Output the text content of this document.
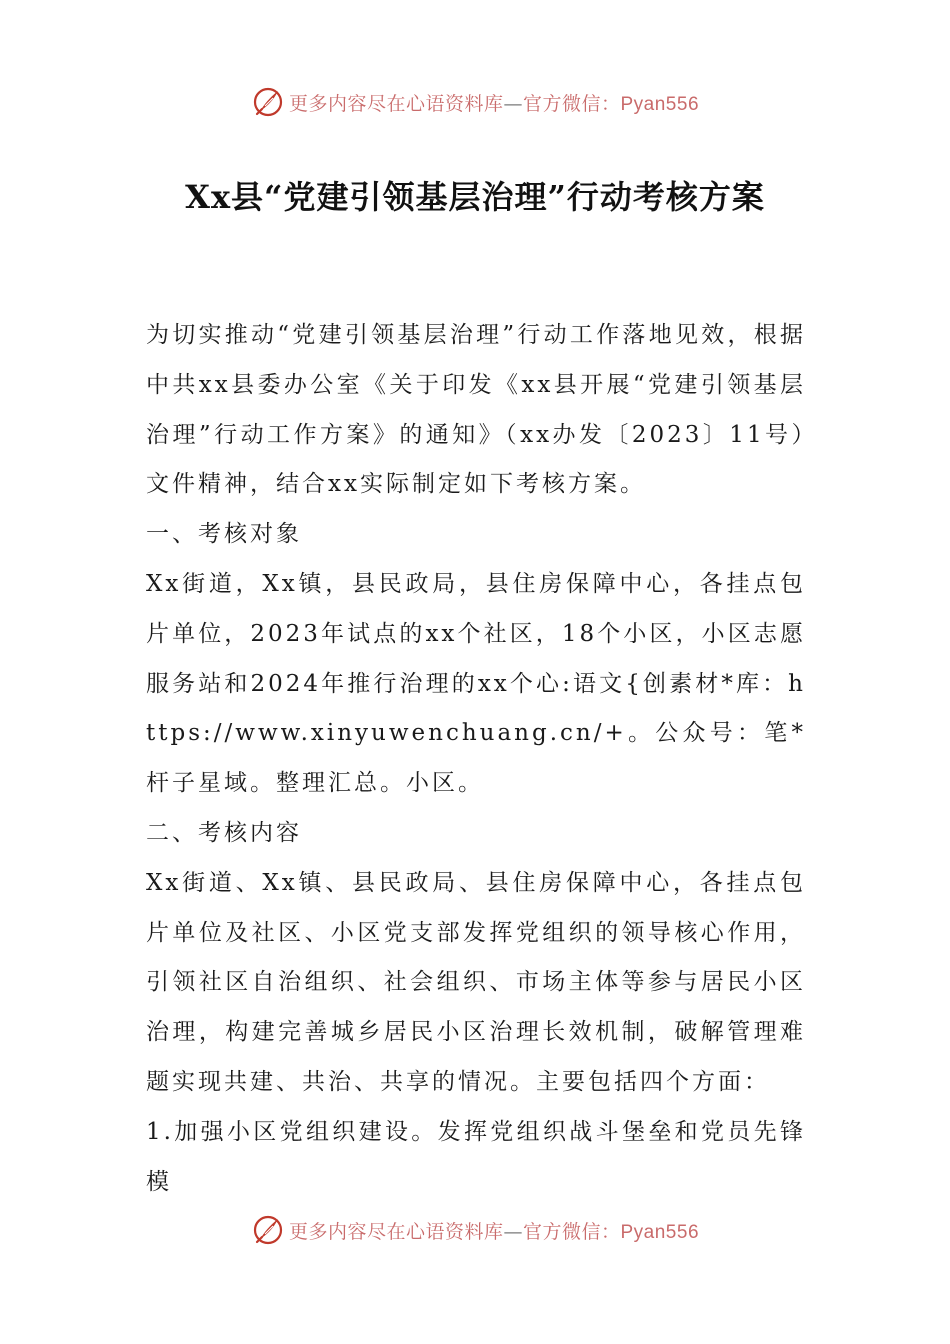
更多内容尽在心语资料库—官方微信：Pyan556
Xx县“党建引领基层治理”行动考核方案

为切实推动“党建引领基层治理”行动工作落地见效，根据中共xx县委办公室《关于印发《xx县开展“党建引领基层治理”行动工作方案》的通知》（xx办发〔2023〕11号）文件精神，结合xx实际制定如下考核方案。

一、考核对象

Xx街道，Xx镇，县民政局，县住房保障中心，各挂点包片单位，2023年试点的xx个社区，18个小区，小区志愿服务站和2024年推行治理的xx个心:语文{创素材*库：https://www.xinyuwenchuang.cn/+。公众号：笔*杆子星域。整理汇总。小区。

二、考核内容

Xx街道、Xx镇、县民政局、县住房保障中心，各挂点包片单位及社区、小区党支部发挥党组织的领导核心作用，引领社区自治组织、社会组织、市场主体等参与居民小区治理，构建完善城乡居民小区治理长效机制，破解管理难题实现共建、共治、共享的情况。主要包括四个方面：

1.加强小区党组织建设。发挥党组织战斗堡垒和党员先锋模

更多内容尽在心语资料库—官方微信：Pyan556
